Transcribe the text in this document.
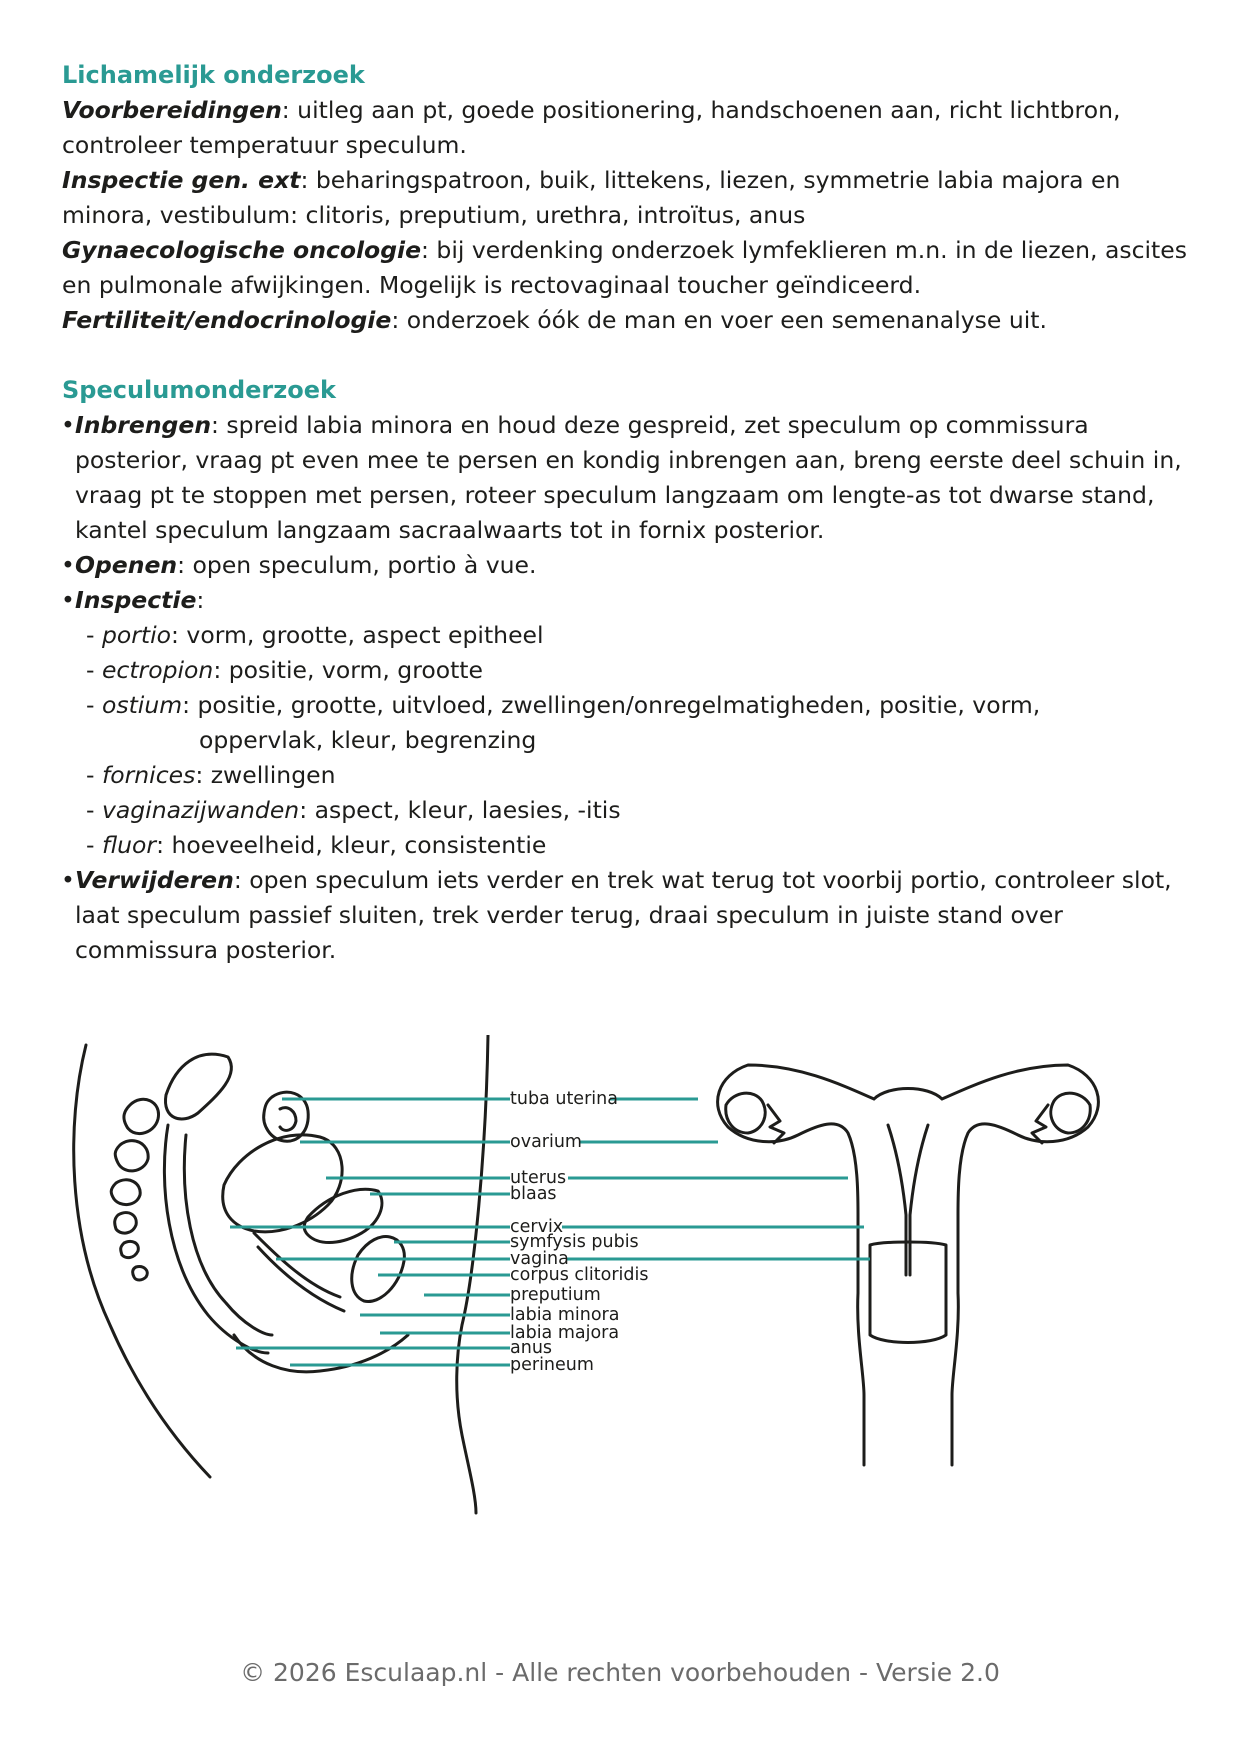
Lichamelijk onderzoek

Voorbereidingen: uitleg aan pt, goede positionering, handschoenen aan, richt lichtbron, controleer temperatuur speculum.

Inspectie gen. ext: beharingspatroon, buik, littekens, liezen, symmetrie labia majora en minora, vestibulum: clitoris, preputium, urethra, introïtus, anus

Gynaecologische oncologie: bij verdenking onderzoek lymfeklieren m.n. in de liezen, ascites en pulmonale afwijkingen. Mogelijk is rectovaginaal toucher geïndiceerd.

Fertiliteit/endocrinologie: onderzoek óók de man en voer een semenanalyse uit.

Speculumonderzoek
• Inbrengen: spreid labia minora en houd deze gespreid, zet speculum op commissura posterior, vraag pt even mee te persen en kondig inbrengen aan, breng eerste deel schuin in, vraag pt te stoppen met persen, roteer speculum langzaam om lengte-as tot dwarse stand, kantel speculum langzaam sacraalwaarts tot in fornix posterior.
• Openen: open speculum, portio à vue.
• Inspectie:
- portio: vorm, grootte, aspect epitheel
- ectropion: positie, vorm, grootte
- ostium: positie, grootte, uitvloed, zwellingen/onregelmatigheden, positie, vorm,
oppervlak, kleur, begrenzing
- fornices: zwellingen
- vaginazijwanden: aspect, kleur, laesies, -itis
- fluor: hoeveelheid, kleur, consistentie
• Verwijderen: open speculum iets verder en trek wat terug tot voorbij portio, controleer slot, laat speculum passief sluiten, trek verder terug, draai speculum in juiste stand over commissura posterior.
tuba uterina
ovarium
uterus
blaas
cervix
symfysis pubis
vagina
corpus clitoridis
preputium
labia minora
labia majora
anus
perineum
© 2026 Esculaap.nl - Alle rechten voorbehouden - Versie 2.0
